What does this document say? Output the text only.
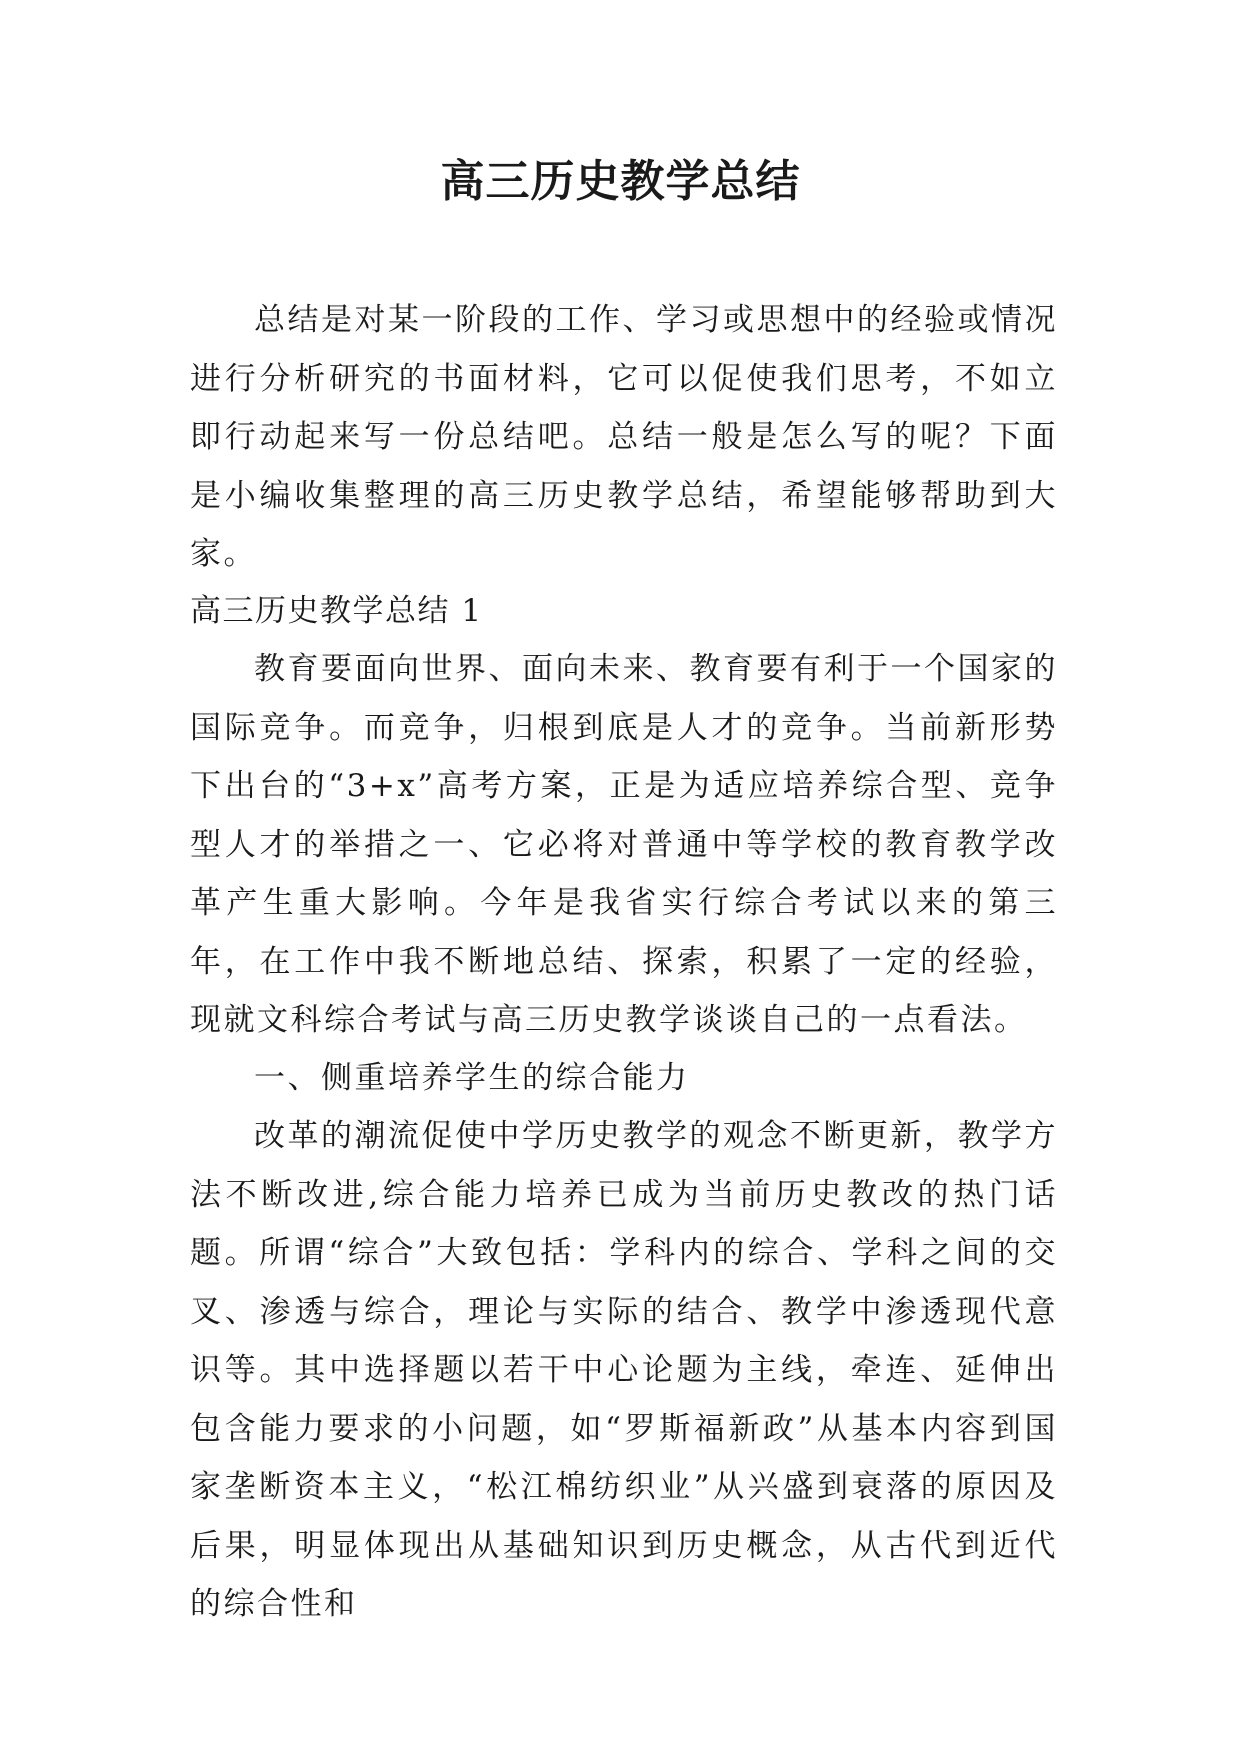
高三历史教学总结

总结是对某一阶段的工作、学习或思想中的经验或情况进行分析研究的书面材料，它可以促使我们思考，不如立即行动起来写一份总结吧。总结一般是怎么写的呢？下面是小编收集整理的高三历史教学总结，希望能够帮助到大家。

高三历史教学总结 1

教育要面向世界、面向未来、教育要有利于一个国家的国际竞争。而竞争，归根到底是人才的竞争。当前新形势下出台的“3+x”高考方案，正是为适应培养综合型、竞争型人才的举措之一、它必将对普通中等学校的教育教学改革产生重大影响。今年是我省实行综合考试以来的第三年，在工作中我不断地总结、探索，积累了一定的经验，现就文科综合考试与高三历史教学谈谈自己的一点看法。

一、侧重培养学生的综合能力

改革的潮流促使中学历史教学的观念不断更新，教学方法不断改进,综合能力培养已成为当前历史教改的热门话题。所谓“综合”大致包括：学科内的综合、学科之间的交叉、渗透与综合，理论与实际的结合、教学中渗透现代意识等。其中选择题以若干中心论题为主线，牵连、延伸出包含能力要求的小问题，如“罗斯福新政”从基本内容到国家垄断资本主义，“松江棉纺织业”从兴盛到衰落的原因及后果，明显体现出从基础知识到历史概念，从古代到近代的综合性和
